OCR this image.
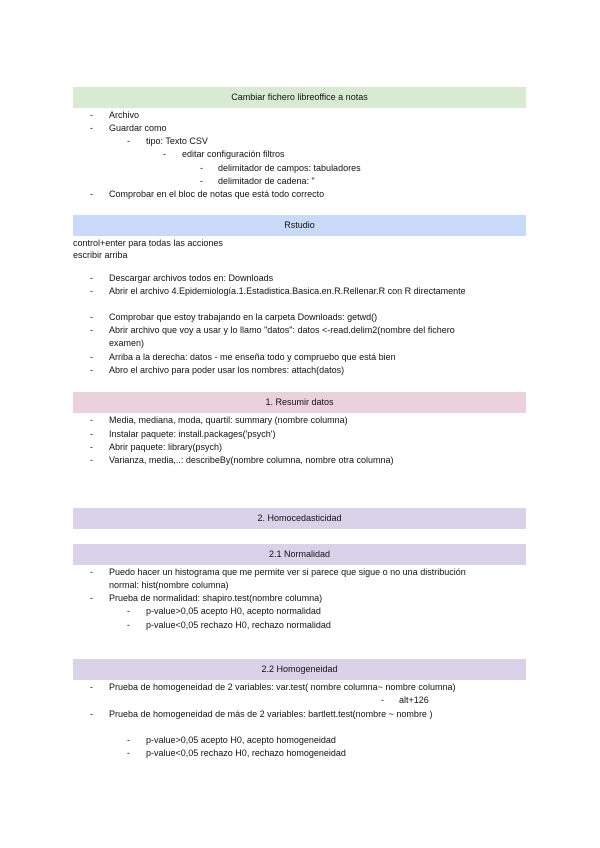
Cambiar fichero libreoffice a notas
- Archivo
- Guardar como
- tipo: Texto CSV
- editar configuración filtros
- delimitador de campos: tabuladores
- delimitador de cadena: "
- Comprobar en el bloc de notas que está todo correcto
Rstudio
control+enter para todas las acciones
escribir arriba
- Descargar archivos todos en: Downloads
- Abrir el archivo 4.Epidemiología.1.Estadistica.Basica.en.R.Rellenar.R con R directamente
- Comprobar que estoy trabajando en la carpeta Downloads: getwd()
- Abrir archivo que voy a usar y lo llamo "datos": datos <-read.delim2(nombre del fichero
examen)
- Arriba a la derecha: datos - me enseña todo y compruebo que está bien
- Abro el archivo para poder usar los nombres: attach(datos)
1. Resumir datos
- Media, mediana, moda, quartil: summary (nombre columna)
- Instalar paquete: install.packages('psych')
- Abrir paquete: library(psych)
- Varianza, media,..: describeBy(nombre columna, nombre otra columna)
2. Homocedasticidad
2.1 Normalidad
- Puedo hacer un histograma que me permite ver si parece que sigue o no una distribución
normal: hist(nombre columna)
- Prueba de normalidad: shapiro.test(nombre columna)
- p-value>0,05 acepto H0, acepto normalidad
- p-value<0,05 rechazo H0, rechazo normalidad
2.2 Homogeneidad
- Prueba de homogeneidad de 2 variables: var.test( nombre columna~ nombre columna)
- alt+126
- Prueba de homogeneidad de más de 2 variables: bartlett.test(nombre ~ nombre )
- p-value>0,05 acepto H0, acepto homogeneidad
- p-value<0,05 rechazo H0, rechazo homogeneidad
